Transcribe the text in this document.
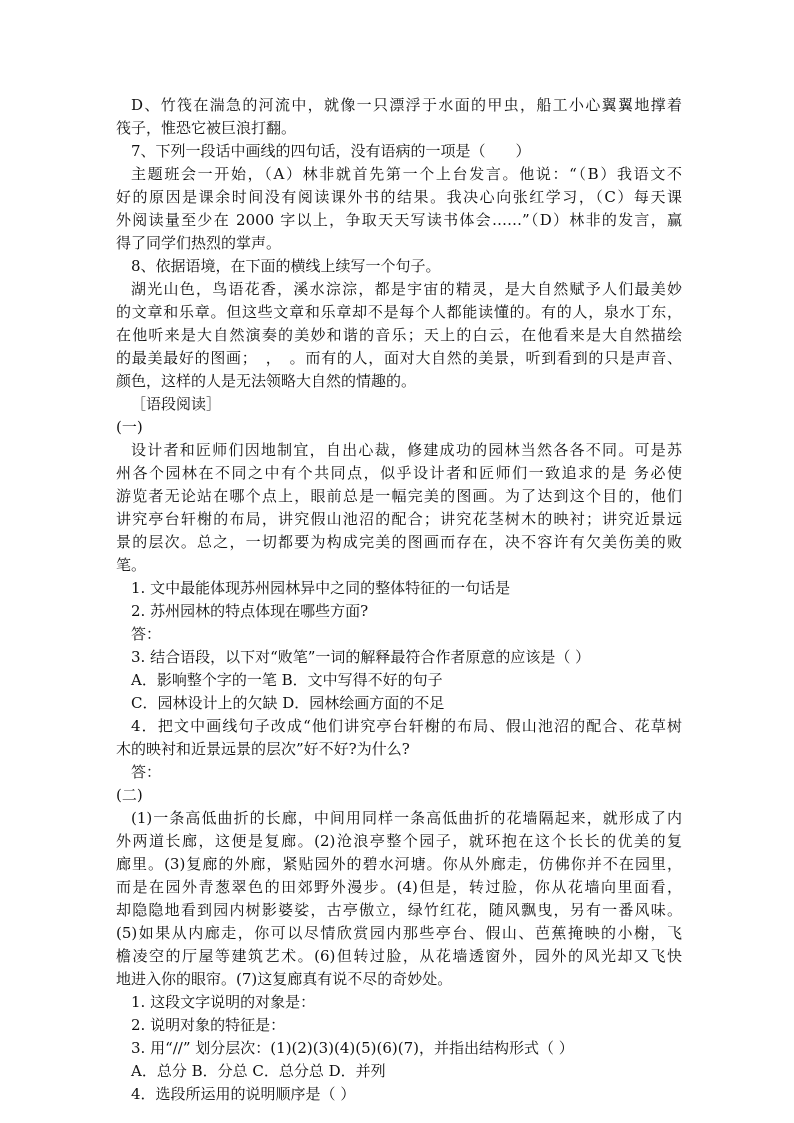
D、竹筏在湍急的河流中，就像一只漂浮于水面的甲虫，船工小心翼翼地撑着
筏子，惟恐它被巨浪打翻。
7、下列一段话中画线的四句话，没有语病的一项是（　　）
主题班会一开始，（A）林非就首先第一个上台发言。他说：“（B）我语文不
好的原因是课余时间没有阅读课外书的结果。我决心向张红学习，（C）每天课
外阅读量至少在 2000 字以上，争取天天写读书体会……”（D）林非的发言，赢
得了同学们热烈的掌声。
8、依据语境，在下面的横线上续写一个句子。
湖光山色，鸟语花香，溪水淙淙，都是宇宙的精灵，是大自然赋予人们最美妙
的文章和乐章。但这些文章和乐章却不是每个人都能读懂的。有的人，泉水丁东，
在他听来是大自然演奏的美妙和谐的音乐；天上的白云，在他看来是大自然描绘
的最美最好的图画；　，　。而有的人，面对大自然的美景，听到看到的只是声音、
颜色，这样的人是无法领略大自然的情趣的。
［语段阅读］
(一)
设计者和匠师们因地制宜，自出心裁，修建成功的园林当然各各不同。可是苏
州各个园林在不同之中有个共同点，似乎设计者和匠师们一致追求的是 务必使
游览者无论站在哪个点上，眼前总是一幅完美的图画。为了达到这个目的，他们
讲究亭台轩榭的布局，讲究假山池沼的配合；讲究花茎树木的映衬；讲究近景远
景的层次。总之，一切都要为构成完美的图画而存在，决不容许有欠美伤美的败
笔。
1. 文中最能体现苏州园林异中之同的整体特征的一句话是
2. 苏州园林的特点体现在哪些方面?
答：
3. 结合语段，以下对“败笔”一词的解释最符合作者原意的应该是（ ）
A．影响整个字的一笔 B．文中写得不好的句子
C．园林设计上的欠缺 D．园林绘画方面的不足
4．把文中画线句子改成“他们讲究亭台轩榭的布局、假山池沼的配合、花草树
木的映衬和近景远景的层次”好不好?为什么?
答：
(二)
(1)一条高低曲折的长廊，中间用同样一条高低曲折的花墙隔起来，就形成了内
外两道长廊，这便是复廊。(2)沧浪亭整个园子，就环抱在这个长长的优美的复
廊里。(3)复廊的外廊，紧贴园外的碧水河塘。你从外廊走，仿佛你并不在园里，
而是在园外青葱翠色的田郊野外漫步。(4)但是，转过脸，你从花墙向里面看，
却隐隐地看到园内树影婆娑，古亭傲立，绿竹红花，随风飘曳，另有一番风味。
(5)如果从内廊走，你可以尽情欣赏园内那些亭台、假山、芭蕉掩映的小榭，飞
檐凌空的厅屋等建筑艺术。(6)但转过脸，从花墙透窗外，园外的风光却又飞快
地进入你的眼帘。(7)这复廊真有说不尽的奇妙处。
1. 这段文字说明的对象是：
2. 说明对象的特征是：
3. 用“//” 划分层次：(1)(2)(3)(4)(5)(6)(7)，并指出结构形式（ ）
A．总分 B．分总 C．总分总 D．并列
4．选段所运用的说明顺序是（ ）
